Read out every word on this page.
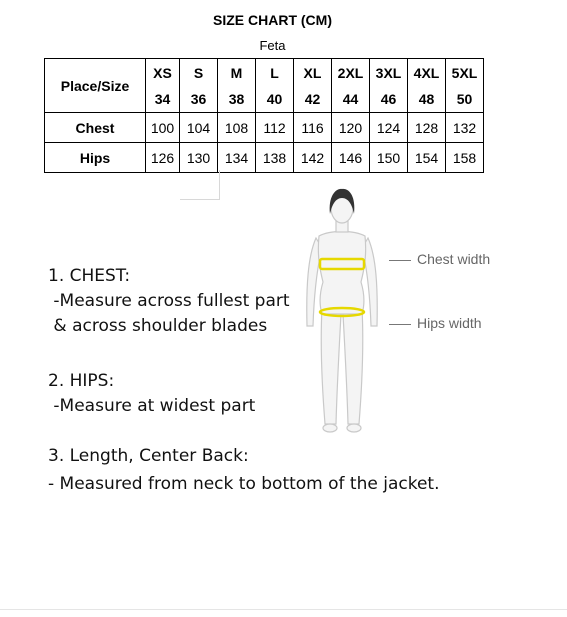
SIZE CHART (CM)
Feta
Place/Size	XS	S	M	L	XL	2XL	3XL	4XL	5XL
	34	36	38	40	42	44	46	48	50
Chest	100	104	108	112	116	120	124	128	132
Hips	126	130	134	138	142	146	150	154	158
Chest width
Hips width

1. CHEST:

-Measure across fullest part

& across shoulder blades

2. HIPS:

-Measure at widest part

3. Length, Center Back:

- Measured from neck to bottom of the jacket.
